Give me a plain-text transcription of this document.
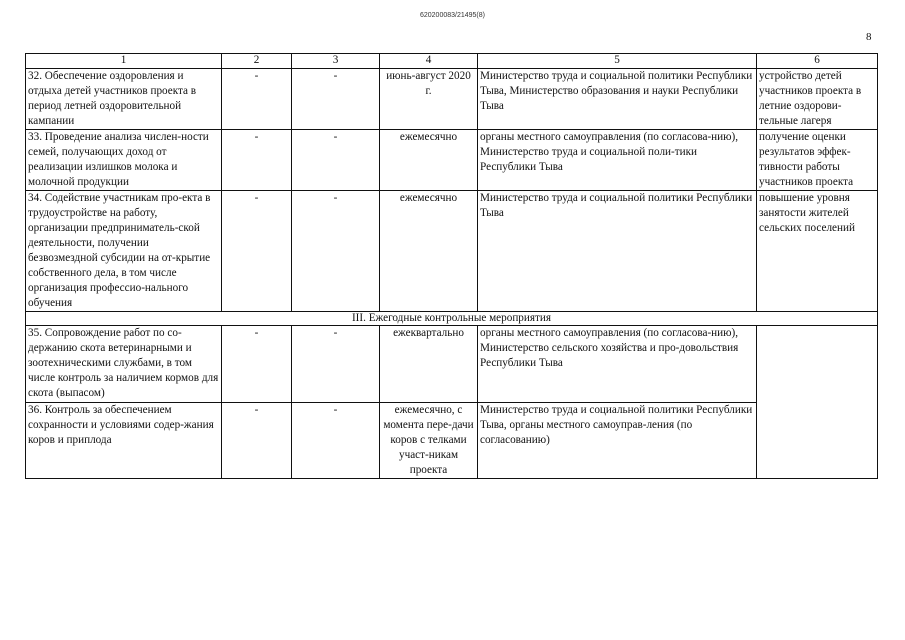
620200083/21495(8)
8
1	2	3	4	5	6
32. Обеспечение оздоровления и отдыха детей участников проекта в период летней оздоровительной кампании	-	-	июнь-август 2020 г.	Министерство труда и социальной политики Республики Тыва, Министерство образования и науки Республики Тыва	устройство детей участников проекта в летние оздорови-тельные лагеря
33. Проведение анализа числен-ности семей, получающих доход от реализации излишков молока и молочной продукции	-	-	ежемесячно	органы местного самоуправления (по согласова-нию), Министерство труда и социальной поли-тики Республики Тыва	получение оценки результатов эффек-тивности работы участников проекта
34. Содействие участникам про-екта в трудоустройстве на работу, организации предприниматель-ской деятельности, получении безвозмездной субсидии на от-крытие собственного дела, в том числе организация профессио-нального обучения	-	-	ежемесячно	Министерство труда и социальной политики Республики Тыва	повышение уровня занятости жителей сельских поселений
III. Ежегодные контрольные мероприятия					
35. Сопровождение работ по со-держанию скота ветеринарными и зоотехническими службами, в том числе контроль за наличием кормов для скота (выпасом)	-	-	ежеквартально	органы местного самоуправления (по согласова-нию), Министерство сельского хозяйства и про-довольствия Республики Тыва	
36. Контроль за обеспечением сохранности и условиями содер-жания коров и приплода	-	-	ежемесячно, с момента пере-дачи коров с телками участ-никам проекта	Министерство труда и социальной политики Республики Тыва, органы местного самоупрaв-ления (по согласованию)	
